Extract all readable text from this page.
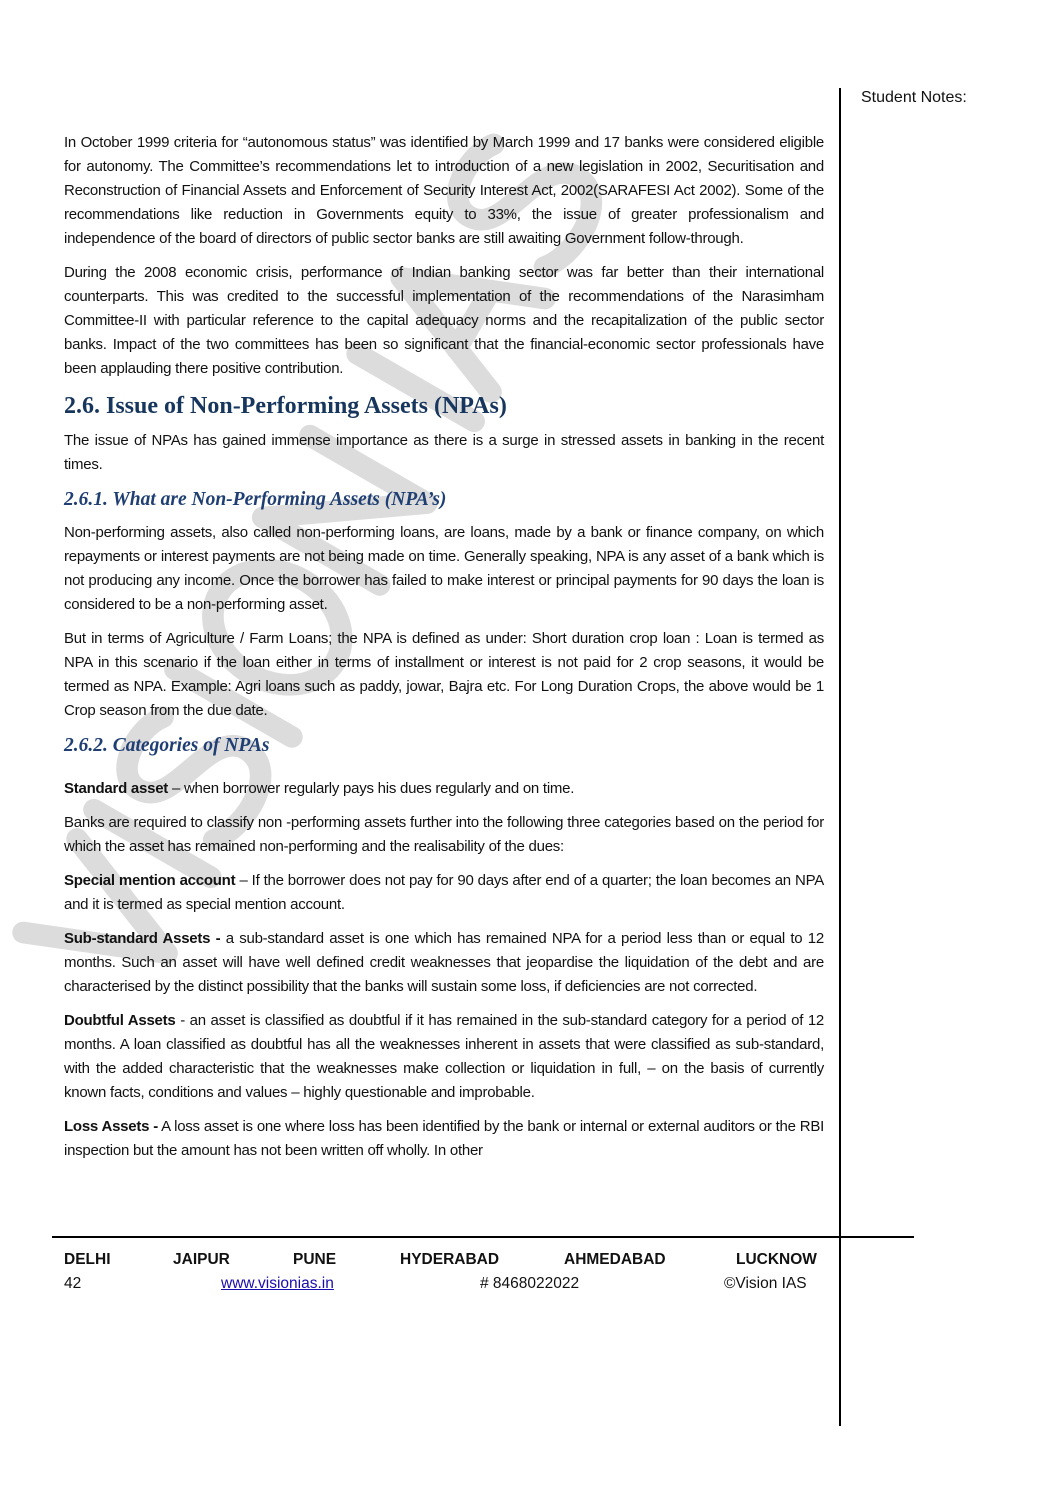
Student Notes:

In October 1999 criteria for “autonomous status” was identified by March 1999 and 17 banks were considered eligible for autonomy. The Committee’s recommendations let to introduction of a new legislation in 2002, Securitisation and Reconstruction of Financial Assets and Enforcement of Security Interest Act, 2002(SARAFESI Act 2002). Some of the recommendations like reduction in Governments equity to 33%, the issue of greater professionalism and independence of the board of directors of public sector banks are still awaiting Government follow-through.

During the 2008 economic crisis, performance of Indian banking sector was far better than their international counterparts. This was credited to the successful implementation of the recommendations of the Narasimham Committee-II with particular reference to the capital adequacy norms and the recapitalization of the public sector banks. Impact of the two committees has been so significant that the financial-economic sector professionals have been applauding there positive contribution.

2.6. Issue of Non-Performing Assets (NPAs)

The issue of NPAs has gained immense importance as there is a surge in stressed assets in banking in the recent times.

2.6.1. What are Non-Performing Assets (NPA’s)

Non-performing assets, also called non-performing loans, are loans, made by a bank or finance company, on which repayments or interest payments are not being made on time. Generally speaking, NPA is any asset of a bank which is not producing any income. Once the borrower has failed to make interest or principal payments for 90 days the loan is considered to be a non-performing asset.

But in terms of Agriculture / Farm Loans; the NPA is defined as under: Short duration crop loan : Loan is termed as NPA in this scenario if the loan either in terms of installment or interest is not paid for 2 crop seasons, it would be termed as NPA. Example: Agri loans such as paddy, jowar, Bajra etc. For Long Duration Crops, the above would be 1 Crop season from the due date.

2.6.2. Categories of NPAs

Standard asset – when borrower regularly pays his dues regularly and on time.

Banks are required to classify non -performing assets further into the following three categories based on the period for which the asset has remained non-performing and the realisability of the dues:

Special mention account – If the borrower does not pay for 90 days after end of a quarter; the loan becomes an NPA and it is termed as special mention account.

Sub-standard Assets - a sub-standard asset is one which has remained NPA for a period less than or equal to 12 months. Such an asset will have well defined credit weaknesses that jeopardise the liquidation of the debt and are characterised by the distinct possibility that the banks will sustain some loss, if deficiencies are not corrected.

Doubtful Assets - an asset is classified as doubtful if it has remained in the sub-standard category for a period of 12 months. A loan classified as doubtful has all the weaknesses inherent in assets that were classified as sub-standard, with the added characteristic that the weaknesses make collection or liquidation in full, – on the basis of currently known facts, conditions and values – highly questionable and improbable.

Loss Assets - A loss asset is one where loss has been identified by the bank or internal or external auditors or the RBI inspection but the amount has not been written off wholly. In other

DELHI	JAIPUR	PUNE	HYDERABAD	AHMEDABAD	LUCKNOW
42	www.visionias.in	# 8468022022	©Vision IAS
